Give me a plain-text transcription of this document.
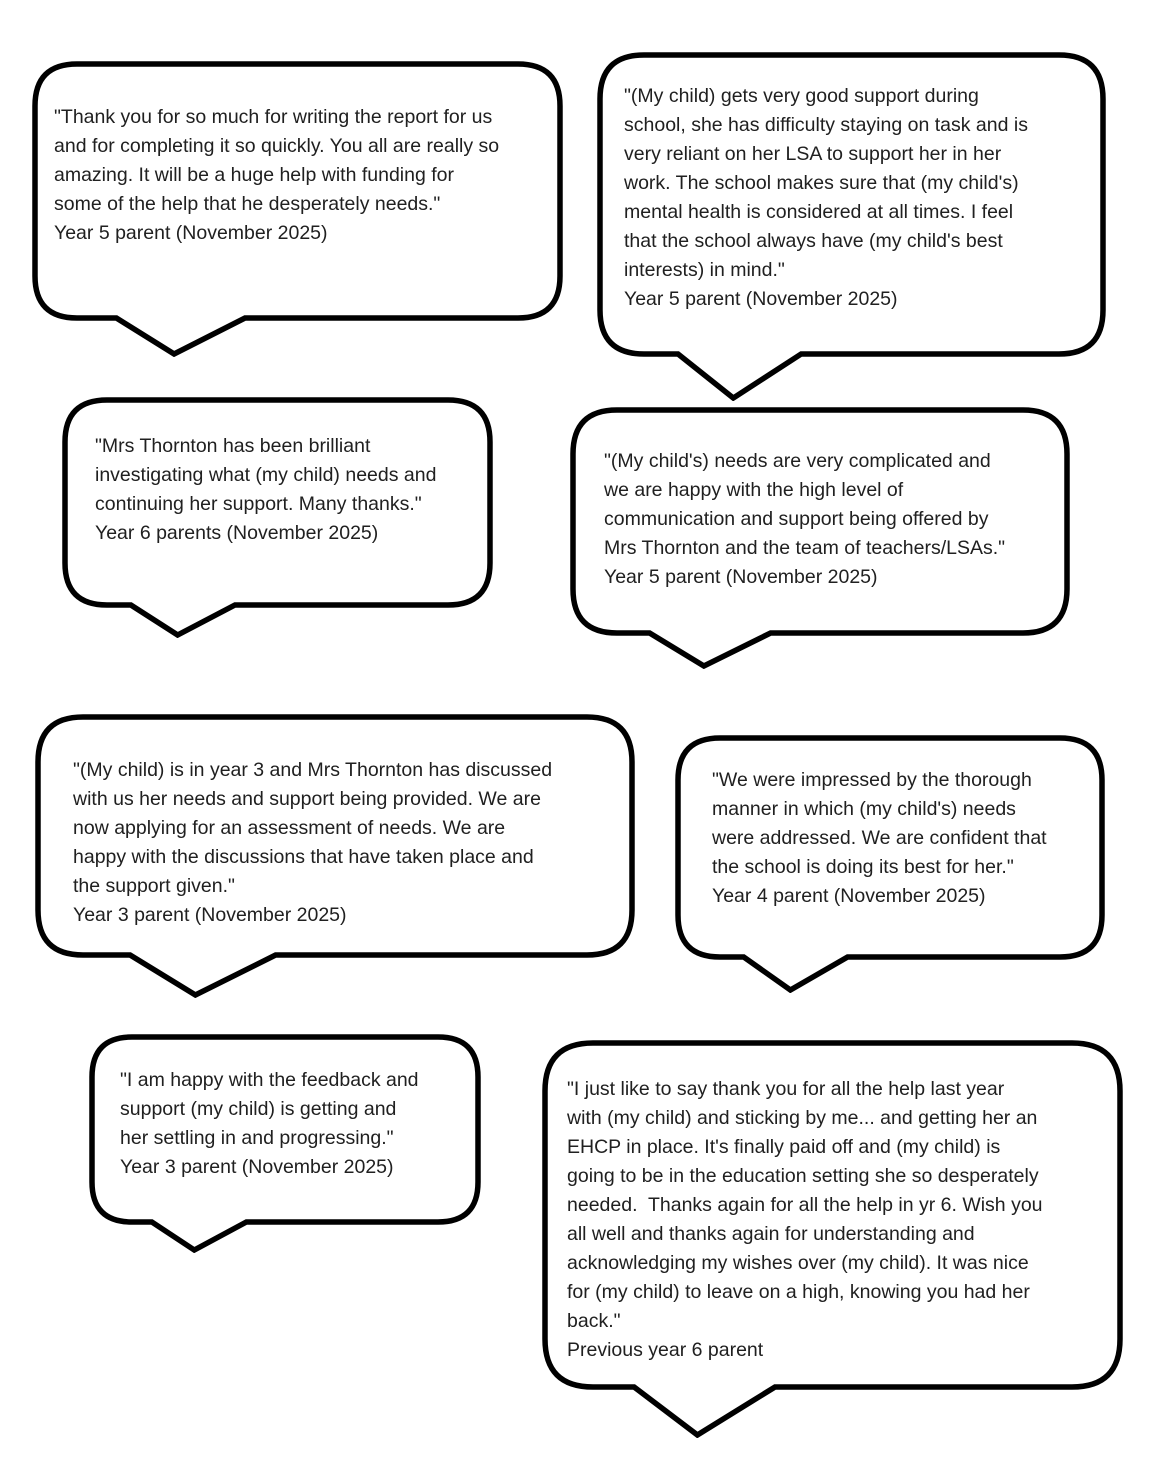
"Thank you for so much for writing the report for us
and for completing it so quickly. You all are really so
amazing. It will be a huge help with funding for
some of the help that he desperately needs."
Year 5 parent (November 2025)
"(My child) gets very good support during
school, she has difficulty staying on task and is
very reliant on her LSA to support her in her
work. The school makes sure that (my child's)
mental health is considered at all times. I feel
that the school always have (my child's best
interests) in mind."
Year 5 parent (November 2025)
"Mrs Thornton has been brilliant
investigating what (my child) needs and
continuing her support. Many thanks."
Year 6 parents (November 2025)
"(My child's) needs are very complicated and
we are happy with the high level of
communication and support being offered by
Mrs Thornton and the team of teachers/LSAs."
Year 5 parent (November 2025)
"(My child) is in year 3 and Mrs Thornton has discussed
with us her needs and support being provided. We are
now applying for an assessment of needs. We are
happy with the discussions that have taken place and
the support given."
Year 3 parent (November 2025)
"We were impressed by the thorough
manner in which (my child's) needs
were addressed. We are confident that
the school is doing its best for her."
Year 4 parent (November 2025)
"I am happy with the feedback and
support (my child) is getting and
her settling in and progressing."
Year 3 parent (November 2025)
"I just like to say thank you for all the help last year
with (my child) and sticking by me... and getting her an
EHCP in place. It's finally paid off and (my child) is
going to be in the education setting she so desperately
needed.  Thanks again for all the help in yr 6. Wish you
all well and thanks again for understanding and
acknowledging my wishes over (my child). It was nice
for (my child) to leave on a high, knowing you had her
back."
Previous year 6 parent
